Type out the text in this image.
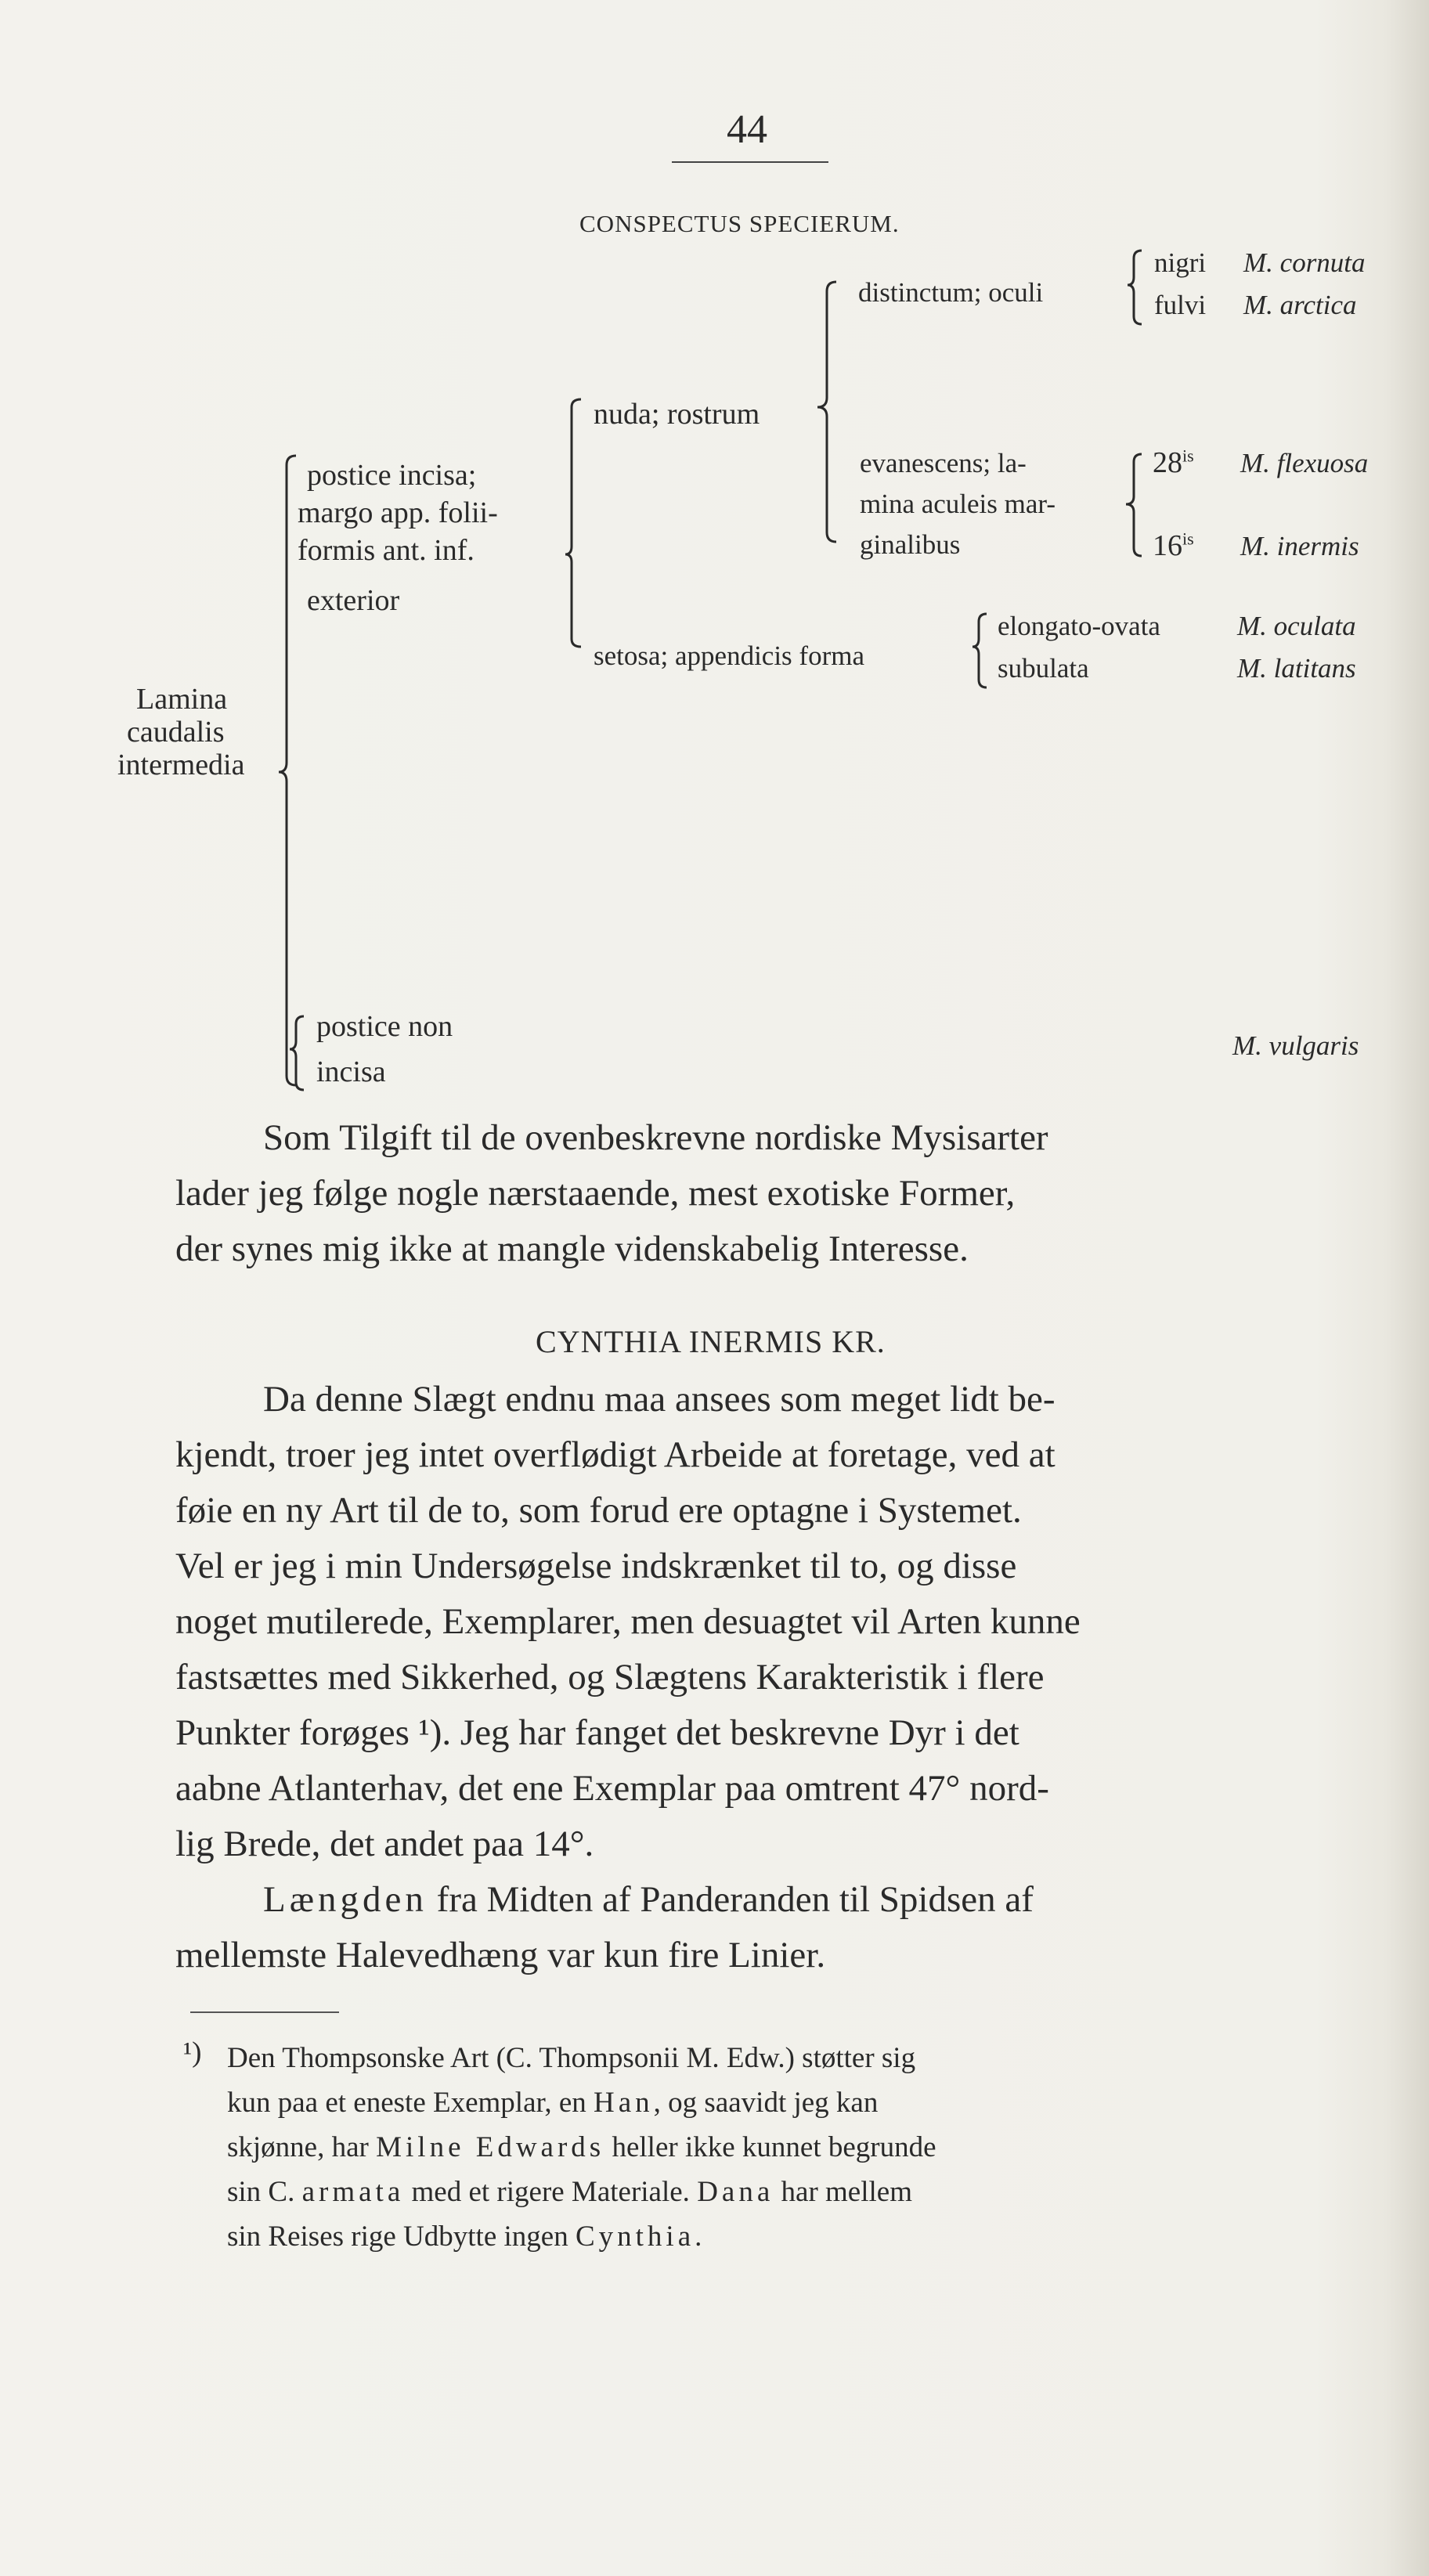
44
CONSPECTUS SPECIERUM.
Lamina
caudalis
intermedia
postice incisa;
margo app. folii-
formis ant. inf.
exterior
nuda; rostrum
distinctum; oculi
nigri
fulvi
M. cornuta
M. arctica
evanescens; la-
mina aculeis mar-
ginalibus
$28^{is}$
$16^{is}$
M. flexuosa
M. inermis
setosa; appendicis forma
elongato-ovata
subulata
M. oculata
M. latitans
postice non
incisa
M. vulgaris

Som Tilgift til de ovenbeskrevne nordiske Mysisarter

lader jeg følge nogle nærstaaende, mest exotiske Former,

der synes mig ikke at mangle videnskabelig Interesse.

CYNTHIA INERMIS KR.

Da denne Slægt endnu maa ansees som meget lidt be-

kjendt, troer jeg intet overflødigt Arbeide at foretage, ved at

føie en ny Art til de to, som forud ere optagne i Systemet.

Vel er jeg i min Undersøgelse indskrænket til to, og disse

noget mutilerede, Exemplarer, men desuagtet vil Arten kunne

fastsættes med Sikkerhed, og Slægtens Karakteristik i flere

Punkter forøges ¹). Jeg har fanget det beskrevne Dyr i det

aabne Atlanterhav, det ene Exemplar paa omtrent 47° nord-

lig Brede, det andet paa 14°.

Længden fra Midten af Panderanden til Spidsen af

mellemste Halevedhæng var kun fire Linier.

¹) Den Thompsonske Art (C. Thompsonii M. Edw.) støtter sig

kun paa et eneste Exemplar, en Han, og saavidt jeg kan

skjønne, har Milne Edwards heller ikke kunnet begrunde

sin C. armata med et rigere Materiale. Dana har mellem

sin Reises rige Udbytte ingen Cynthia.
